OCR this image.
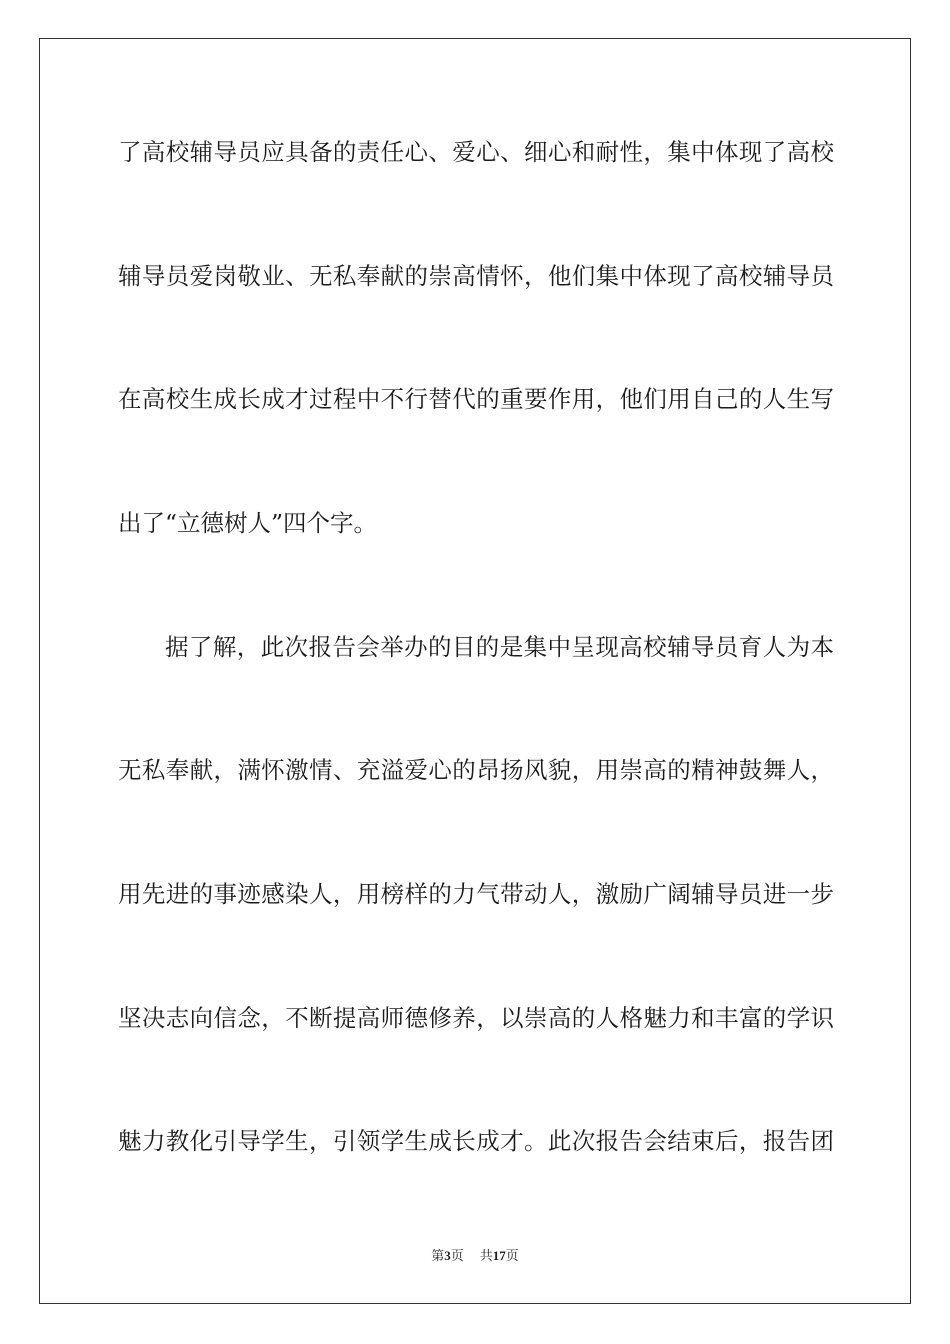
了高校辅导员应具备的责任心、爱心、细心和耐性，集中体现了高校
辅导员爱岗敬业、无私奉献的崇高情怀，他们集中体现了高校辅导员
在高校生成长成才过程中不行替代的重要作用，他们用自己的人生写
出了“立德树人”四个字。
据了解，此次报告会举办的目的是集中呈现高校辅导员育人为本
无私奉献，满怀激情、充溢爱心的昂扬风貌，用崇高的精神鼓舞人，
用先进的事迹感染人，用榜样的力气带动人，激励广阔辅导员进一步
坚决志向信念，不断提高师德修养，以崇高的人格魅力和丰富的学识
魅力教化引导学生，引领学生成长成才。此次报告会结束后，报告团
第3页 共17页
